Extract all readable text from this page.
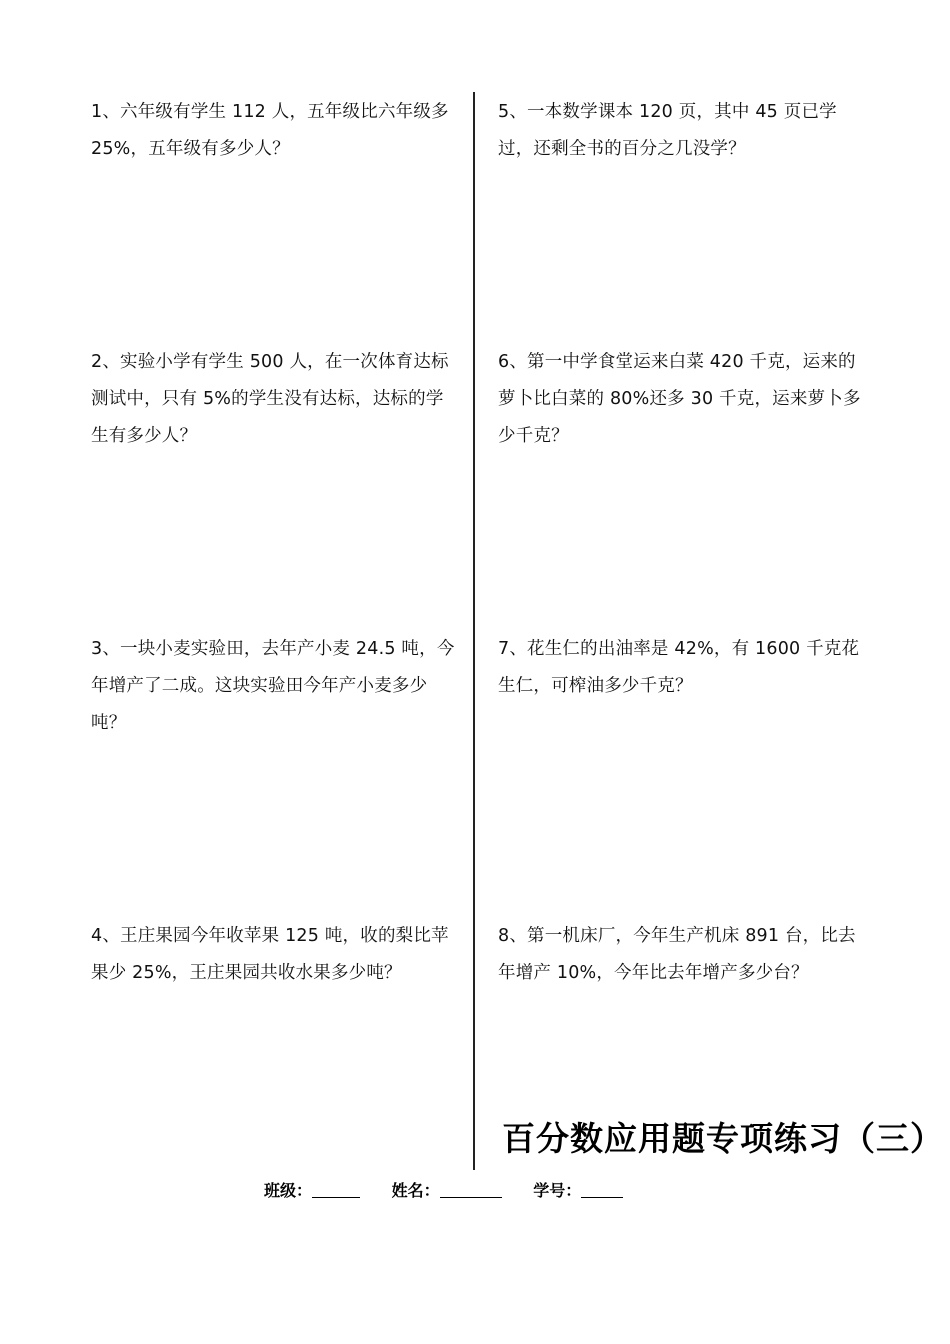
1、六年级有学生 112 人，五年级比六年级多 25%，五年级有多少人？
2、实验小学有学生 500 人，在一次体育达标测试中，只有 5%的学生没有达标，达标的学生有多少人？
3、一块小麦实验田，去年产小麦 24.5 吨，今年增产了二成。这块实验田今年产小麦多少吨？
4、王庄果园今年收苹果 125 吨，收的梨比苹果少 25%，王庄果园共收水果多少吨？
5、一本数学课本 120 页，其中 45 页已学过，还剩全书的百分之几没学？
6、第一中学食堂运来白菜 420 千克，运来的萝卜比白菜的 80%还多 30 千克，运来萝卜多少千克？
7、花生仁的出油率是 42%，有 1600 千克花生仁，可榨油多少千克？
8、第一机床厂，今年生产机床 891 台，比去年增产 10%，今年比去年增产多少台？
百分数应用题专项练习（三）
班级：	姓名：	学号：
